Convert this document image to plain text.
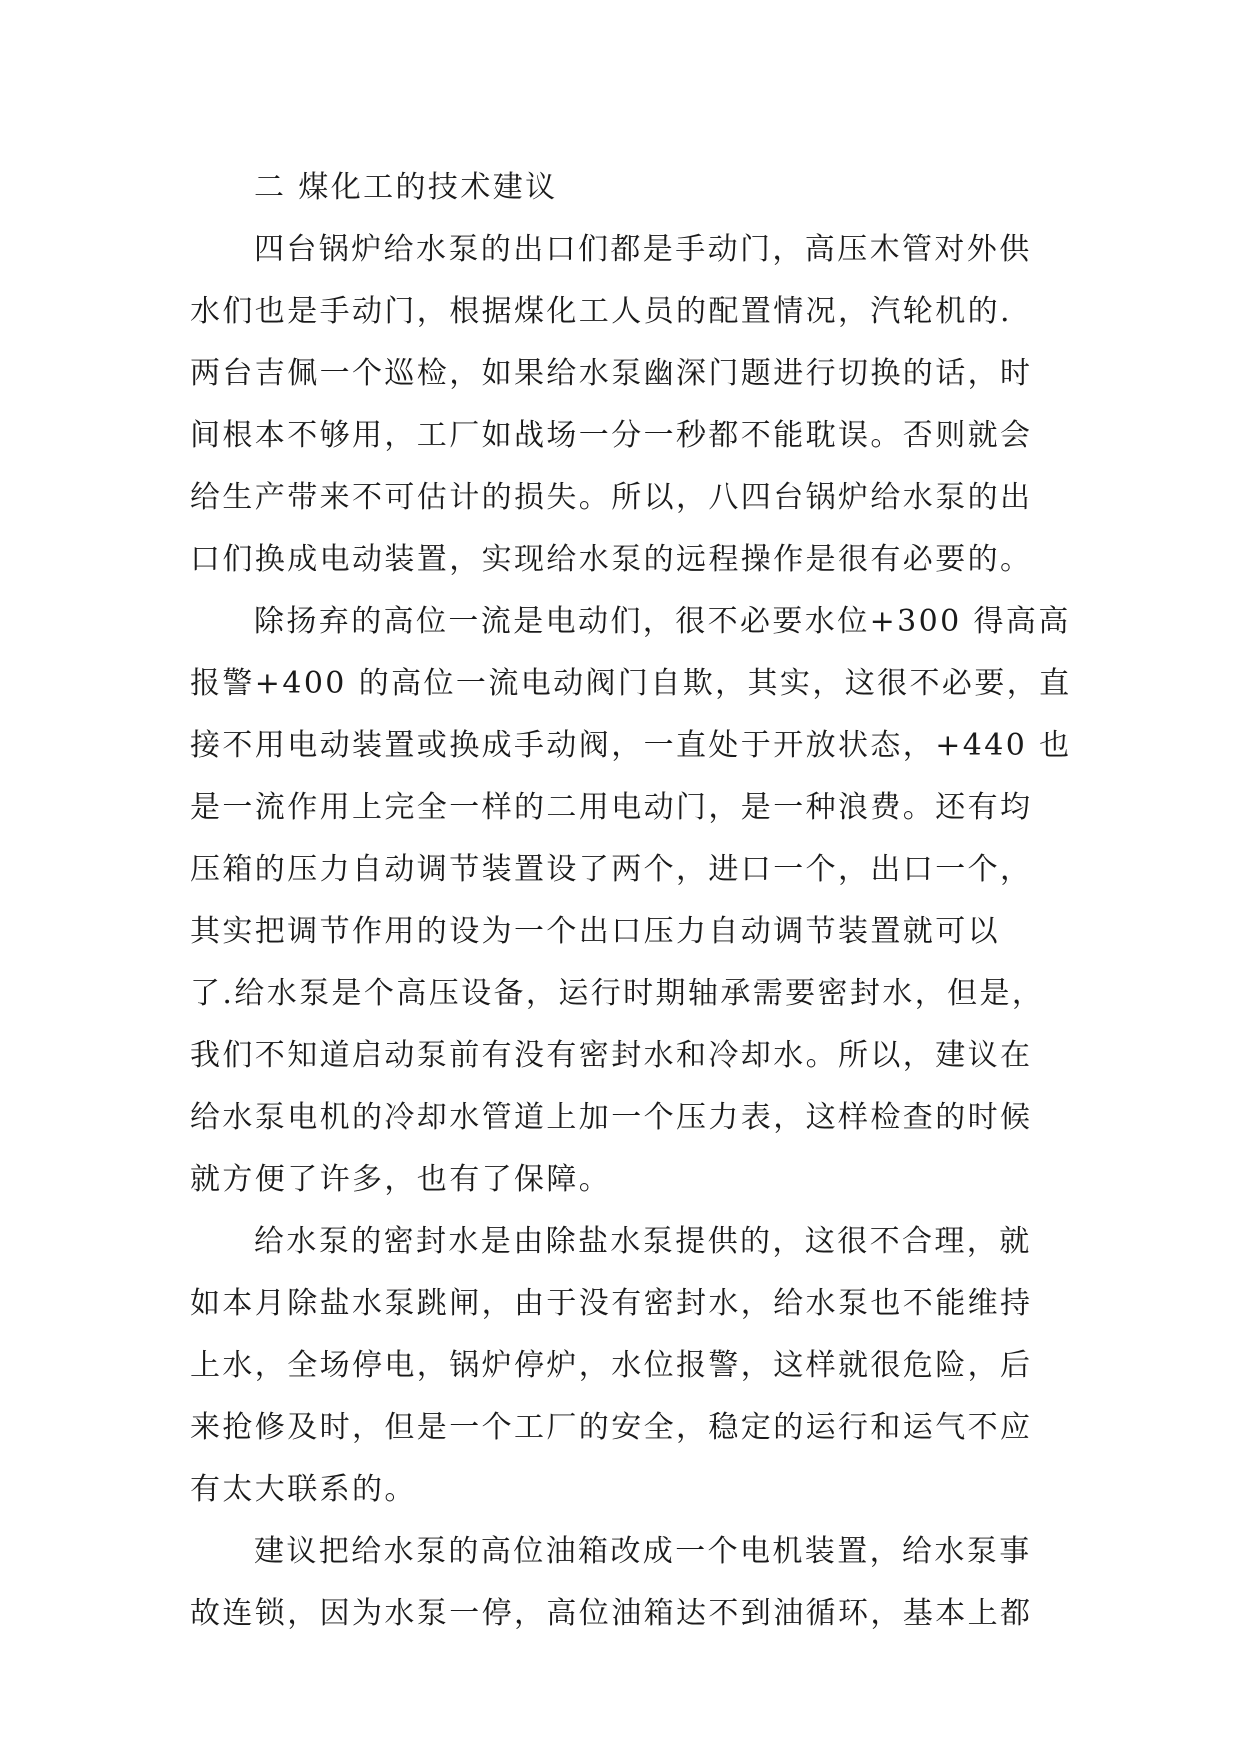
二 煤化工的技术建议
四台锅炉给水泵的出口们都是手动门，高压木管对外供
水们也是手动门，根据煤化工人员的配置情况，汽轮机的.
两台吉佩一个巡检，如果给水泵幽深门题进行切换的话，时
间根本不够用，工厂如战场一分一秒都不能耽误。否则就会
给生产带来不可估计的损失。所以，八四台锅炉给水泵的出
口们换成电动装置，实现给水泵的远程操作是很有必要的。
除扬弃的高位一流是电动们，很不必要水位+300 得高高
报警+400 的高位一流电动阀门自欺，其实，这很不必要，直
接不用电动装置或换成手动阀，一直处于开放状态，+440 也
是一流作用上完全一样的二用电动门，是一种浪费。还有均
压箱的压力自动调节装置设了两个，进口一个，出口一个，
其实把调节作用的设为一个出口压力自动调节装置就可以
了.给水泵是个高压设备，运行时期轴承需要密封水，但是，
我们不知道启动泵前有没有密封水和冷却水。所以，建议在
给水泵电机的冷却水管道上加一个压力表，这样检查的时候
就方便了许多，也有了保障。
给水泵的密封水是由除盐水泵提供的，这很不合理，就
如本月除盐水泵跳闸，由于没有密封水，给水泵也不能维持
上水，全场停电，锅炉停炉，水位报警，这样就很危险，后
来抢修及时，但是一个工厂的安全，稳定的运行和运气不应
有太大联系的。
建议把给水泵的高位油箱改成一个电机装置，给水泵事
故连锁，因为水泵一停，高位油箱达不到油循环，基本上都
